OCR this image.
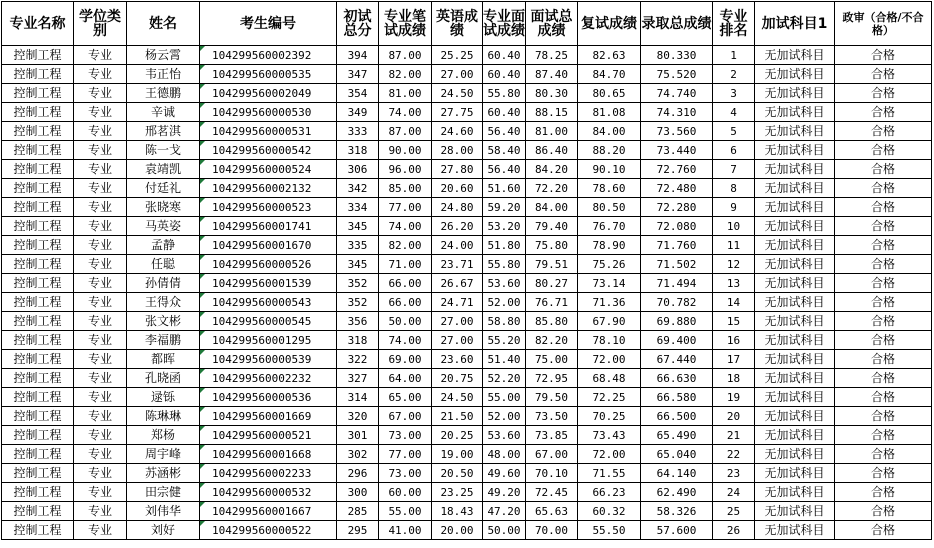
专业名称	学位类别	姓名	考生编号	初试总分	专业笔试成绩	英语成绩	专业面试成绩	面试总成绩	复试成绩	录取总成绩	专业排名	加试科目1	政审（合格/不合格）
控制工程	专业	杨云霄	104299560002392	394	87.00	25.25	60.40	78.25	82.63	80.330	1	无加试科目	合格
控制工程	专业	韦正怡	104299560000535	347	82.00	27.00	60.40	87.40	84.70	75.520	2	无加试科目	合格
控制工程	专业	王德鹏	104299560002049	354	81.00	24.50	55.80	80.30	80.65	74.740	3	无加试科目	合格
控制工程	专业	辛诚	104299560000530	349	74.00	27.75	60.40	88.15	81.08	74.310	4	无加试科目	合格
控制工程	专业	邢茗淇	104299560000531	333	87.00	24.60	56.40	81.00	84.00	73.560	5	无加试科目	合格
控制工程	专业	陈一戈	104299560000542	318	90.00	28.00	58.40	86.40	88.20	73.440	6	无加试科目	合格
控制工程	专业	袁靖凯	104299560000524	306	96.00	27.80	56.40	84.20	90.10	72.760	7	无加试科目	合格
控制工程	专业	付廷礼	104299560002132	342	85.00	20.60	51.60	72.20	78.60	72.480	8	无加试科目	合格
控制工程	专业	张晓寒	104299560000523	334	77.00	24.80	59.20	84.00	80.50	72.280	9	无加试科目	合格
控制工程	专业	马英姿	104299560001741	345	74.00	26.20	53.20	79.40	76.70	72.080	10	无加试科目	合格
控制工程	专业	孟静	104299560001670	335	82.00	24.00	51.80	75.80	78.90	71.760	11	无加试科目	合格
控制工程	专业	任聪	104299560000526	345	71.00	23.71	55.80	79.51	75.26	71.502	12	无加试科目	合格
控制工程	专业	孙倩倩	104299560001539	352	66.00	26.67	53.60	80.27	73.14	71.494	13	无加试科目	合格
控制工程	专业	王得众	104299560000543	352	66.00	24.71	52.00	76.71	71.36	70.782	14	无加试科目	合格
控制工程	专业	张文彬	104299560000545	356	50.00	27.00	58.80	85.80	67.90	69.880	15	无加试科目	合格
控制工程	专业	李福鹏	104299560001295	318	74.00	27.00	55.20	82.20	78.10	69.400	16	无加试科目	合格
控制工程	专业	都晖	104299560000539	322	69.00	23.60	51.40	75.00	72.00	67.440	17	无加试科目	合格
控制工程	专业	孔晓函	104299560002232	327	64.00	20.75	52.20	72.95	68.48	66.630	18	无加试科目	合格
控制工程	专业	逯铄	104299560000536	314	65.00	24.50	55.00	79.50	72.25	66.580	19	无加试科目	合格
控制工程	专业	陈琳琳	104299560001669	320	67.00	21.50	52.00	73.50	70.25	66.500	20	无加试科目	合格
控制工程	专业	郑杨	104299560000521	301	73.00	20.25	53.60	73.85	73.43	65.490	21	无加试科目	合格
控制工程	专业	周宇峰	104299560001668	302	77.00	19.00	48.00	67.00	72.00	65.040	22	无加试科目	合格
控制工程	专业	苏涵彬	104299560002233	296	73.00	20.50	49.60	70.10	71.55	64.140	23	无加试科目	合格
控制工程	专业	田宗健	104299560000532	300	60.00	23.25	49.20	72.45	66.23	62.490	24	无加试科目	合格
控制工程	专业	刘伟华	104299560001667	285	55.00	18.43	47.20	65.63	60.32	58.326	25	无加试科目	合格
控制工程	专业	刘好	104299560000522	295	41.00	20.00	50.00	70.00	55.50	57.600	26	无加试科目	合格
